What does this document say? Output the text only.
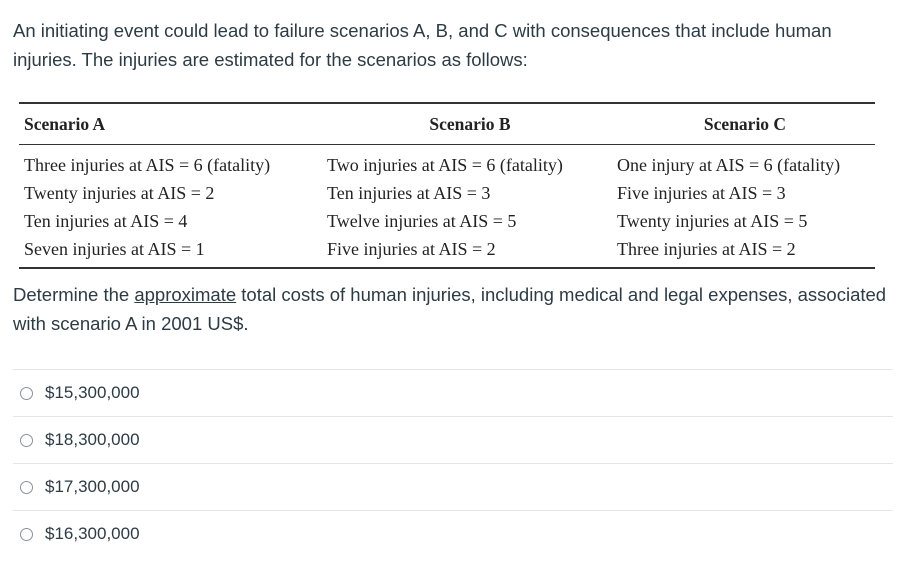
An initiating event could lead to failure scenarios A, B, and C with consequences that include human injuries. The injuries are estimated for the scenarios as follows:

Scenario A	Scenario B	Scenario C
Three injuries at AIS = 6 (fatality)	Two injuries at AIS = 6 (fatality)	One injury at AIS = 6 (fatality)
Twenty injuries at AIS = 2	Ten injuries at AIS = 3	Five injuries at AIS = 3
Ten injuries at AIS = 4	Twelve injuries at AIS = 5	Twenty injuries at AIS = 5
Seven injuries at AIS = 1	Five injuries at AIS = 2	Three injuries at AIS = 2

Determine the approximate total costs of human injuries, including medical and legal expenses, associated with scenario A in 2001 US$.

$15,300,000
$18,300,000
$17,300,000
$16,300,000
